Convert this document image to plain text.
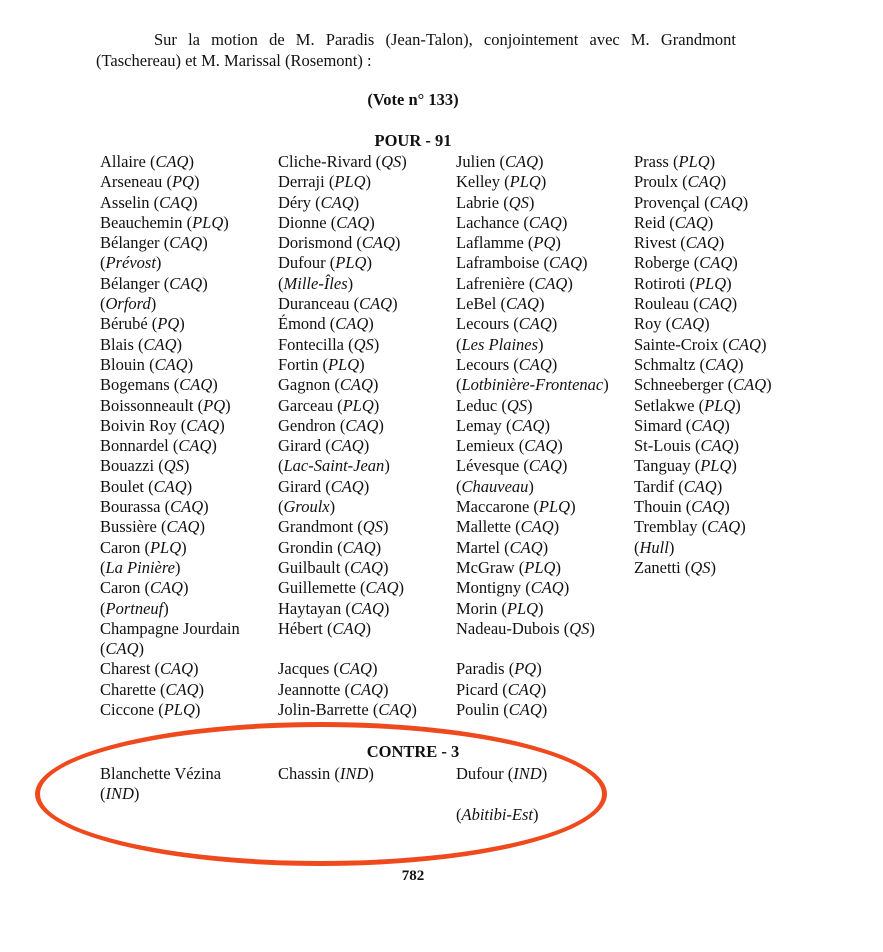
Sur la motion de M. Paradis (Jean-Talon), conjointement avec M. Grandmont (Taschereau) et M. Marissal (Rosemont) :
(Vote n° 133)
POUR - 91
Allaire (CAQ)
Arseneau (PQ)
Asselin (CAQ)
Beauchemin (PLQ)
Bélanger (CAQ)
(Prévost)
Bélanger (CAQ)
(Orford)
Bérubé (PQ)
Blais (CAQ)
Blouin (CAQ)
Bogemans (CAQ)
Boissonneault (PQ)
Boivin Roy (CAQ)
Bonnardel (CAQ)
Bouazzi (QS)
Boulet (CAQ)
Bourassa (CAQ)
Bussière (CAQ)
Caron (PLQ)
(La Pinière)
Caron (CAQ)
(Portneuf)
Champagne Jourdain
(CAQ)
Charest (CAQ)
Charette (CAQ)
Ciccone (PLQ)
Cliche-Rivard (QS)
Derraji (PLQ)
Déry (CAQ)
Dionne (CAQ)
Dorismond (CAQ)
Dufour (PLQ)
(Mille-Îles)
Duranceau (CAQ)
Émond (CAQ)
Fontecilla (QS)
Fortin (PLQ)
Gagnon (CAQ)
Garceau (PLQ)
Gendron (CAQ)
Girard (CAQ)
(Lac-Saint-Jean)
Girard (CAQ)
(Groulx)
Grandmont (QS)
Grondin (CAQ)
Guilbault (CAQ)
Guillemette (CAQ)
Haytayan (CAQ)
Hébert (CAQ)

Jacques (CAQ)
Jeannotte (CAQ)
Jolin-Barrette (CAQ)
Julien (CAQ)
Kelley (PLQ)
Labrie (QS)
Lachance (CAQ)
Laflamme (PQ)
Laframboise (CAQ)
Lafrenière (CAQ)
LeBel (CAQ)
Lecours (CAQ)
(Les Plaines)
Lecours (CAQ)
(Lotbinière-Frontenac)
Leduc (QS)
Lemay (CAQ)
Lemieux (CAQ)
Lévesque (CAQ)
(Chauveau)
Maccarone (PLQ)
Mallette (CAQ)
Martel (CAQ)
McGraw (PLQ)
Montigny (CAQ)
Morin (PLQ)
Nadeau-Dubois (QS)

Paradis (PQ)
Picard (CAQ)
Poulin (CAQ)
Prass (PLQ)
Proulx (CAQ)
Provençal (CAQ)
Reid (CAQ)
Rivest (CAQ)
Roberge (CAQ)
Rotiroti (PLQ)
Rouleau (CAQ)
Roy (CAQ)
Sainte-Croix (CAQ)
Schmaltz (CAQ)
Schneeberger (CAQ)
Setlakwe (PLQ)
Simard (CAQ)
St-Louis (CAQ)
Tanguay (PLQ)
Tardif (CAQ)
Thouin (CAQ)
Tremblay (CAQ)
(Hull)
Zanetti (QS)
CONTRE - 3
Blanchette Vézina
(IND)
Chassin (IND)	Dufour (IND)

(Abitibi-Est)
782
